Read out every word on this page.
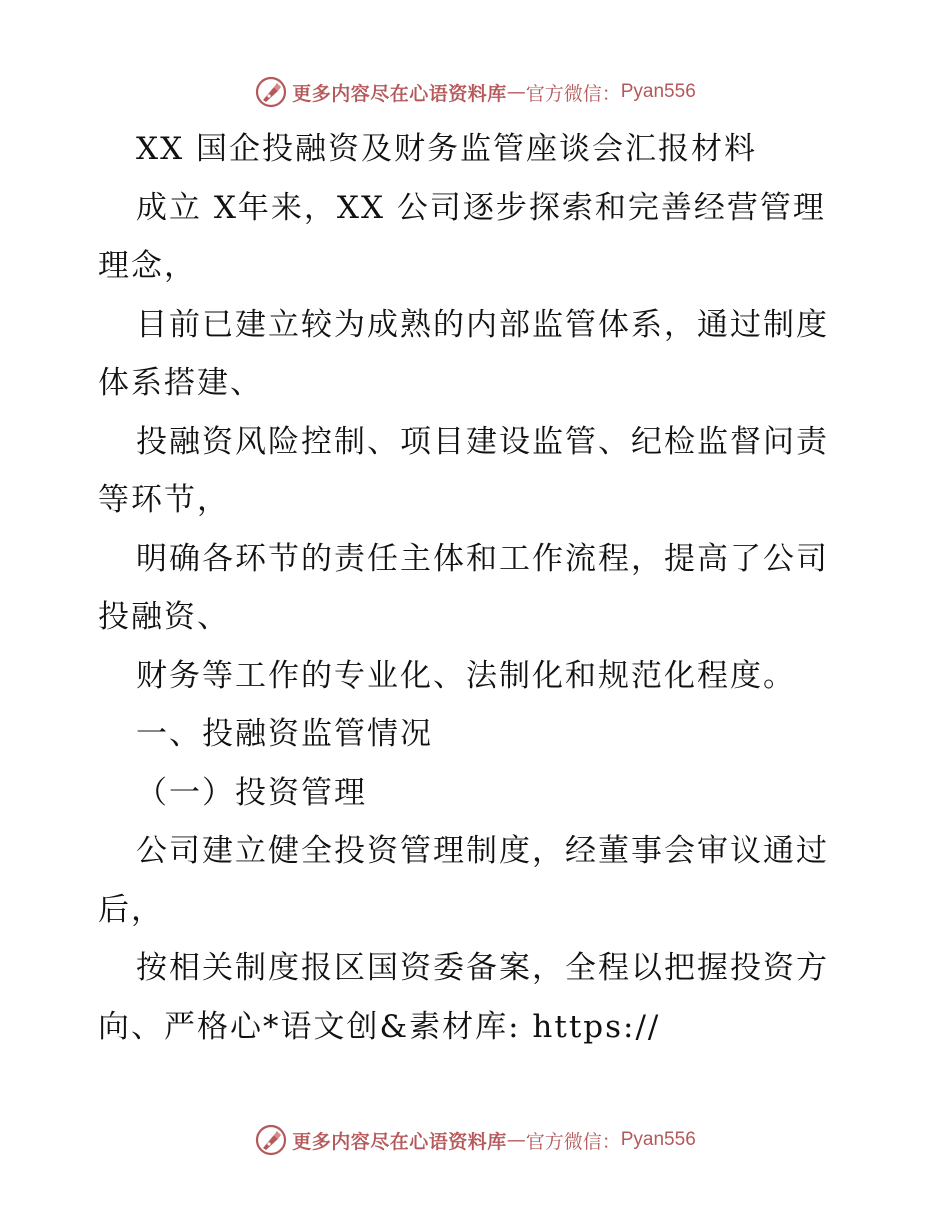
更多内容尽在心语资料库 — 官方微信： Pyan556

XX 国企投融资及财务监管座谈会汇报材料

成立 X年来，XX 公司逐步探索和完善经营管理理念，

目前已建立较为成熟的内部监管体系，通过制度体系搭建、

投融资风险控制、项目建设监管、纪检监督问责等环节，

明确各环节的责任主体和工作流程，提高了公司投融资、

财务等工作的专业化、法制化和规范化程度。

一、投融资监管情况

（一）投资管理

公司建立健全投资管理制度，经董事会审议通过后，

按相关制度报区国资委备案，全程以把握投资方向、严格心*语文创&素材库: https://

更多内容尽在心语资料库 — 官方微信： Pyan556
